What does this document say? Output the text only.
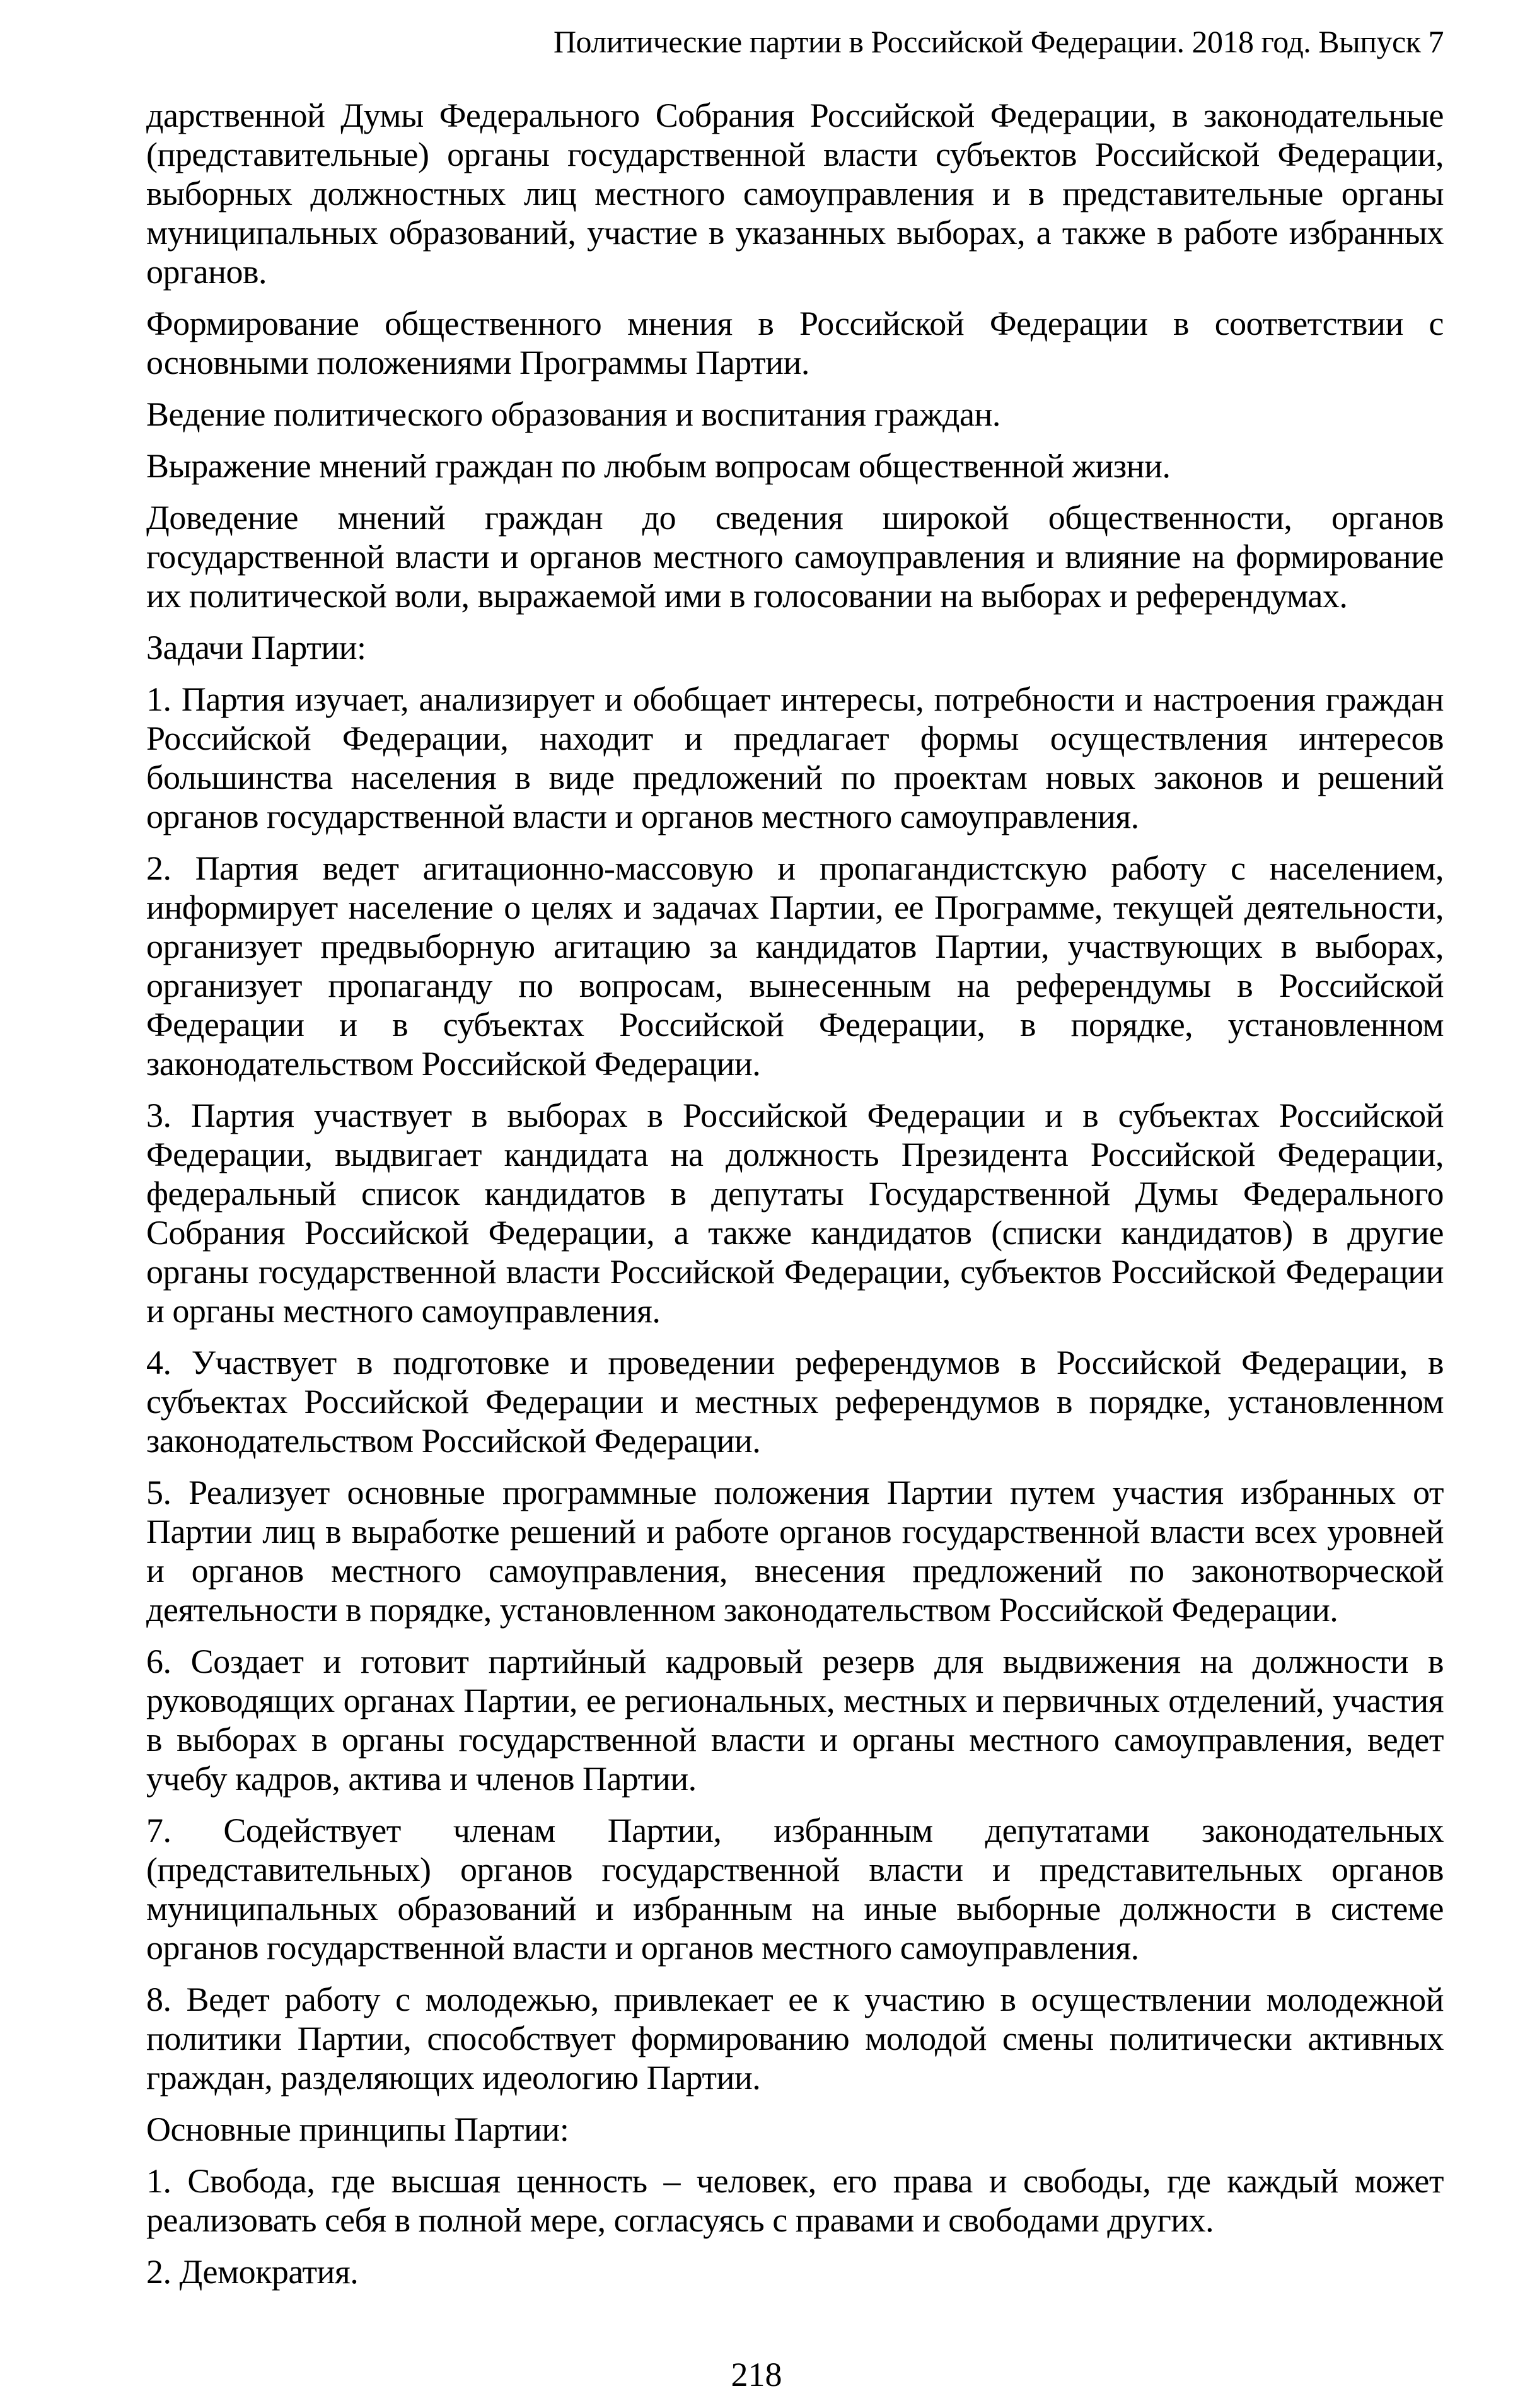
Политические партии в Российской Федерации. 2018 год. Выпуск 7

дарственной Думы Федерального Собрания Российской Федерации, в законодательные (представительные) органы государственной власти субъектов Российской Федерации, выборных должностных лиц местного самоуправления и в представительные органы муниципальных образований, участие в указанных выборах, а также в работе избранных органов.

Формирование общественного мнения в Российской Федерации в соответствии с основными положениями Программы Партии.

Ведение политического образования и воспитания граждан.

Выражение мнений граждан по любым вопросам общественной жизни.

Доведение мнений граждан до сведения широкой общественности, органов государственной власти и органов местного самоуправления и влияние на формирование их политической воли, выражаемой ими в голосовании на выборах и референдумах.

Задачи Партии:

1. Партия изучает, анализирует и обобщает интересы, потребности и настроения граждан Российской Федерации, находит и предлагает формы осуществления интересов большинства населения в виде предложений по проектам новых законов и решений органов государственной власти и органов местного самоуправления.

2. Партия ведет агитационно-массовую и пропагандистскую работу с населением, информирует население о целях и задачах Партии, ее Программе, текущей деятельности, организует предвыборную агитацию за кандидатов Партии, участвующих в выборах, организует пропаганду по вопросам, вынесенным на референдумы в Российской Федерации и в субъектах Российской Федерации, в порядке, установленном законодательством Российской Федерации.

3. Партия участвует в выборах в Российской Федерации и в субъектах Российской Федерации, выдвигает кандидата на должность Президента Российской Федерации, федеральный список кандидатов в депутаты Государственной Думы Федерального Собрания Российской Федерации, а также кандидатов (списки кандидатов) в другие органы государственной власти Российской Федерации, субъектов Российской Федерации и органы местного самоуправления.

4. Участвует в подготовке и проведении референдумов в Российской Федерации, в субъектах Российской Федерации и местных референдумов в порядке, установленном законодательством Российской Федерации.

5. Реализует основные программные положения Партии путем участия избранных от Партии лиц в выработке решений и работе органов государственной власти всех уровней и органов местного самоуправления, внесения предложений по законотворческой деятельности в порядке, установленном законодательством Российской Федерации.

6. Создает и готовит партийный кадровый резерв для выдвижения на должности в руководящих органах Партии, ее региональных, местных и первичных отделений, участия в выборах в органы государственной власти и органы местного самоуправления, ведет учебу кадров, актива и членов Партии.

7. Содействует членам Партии, избранным депутатами законодательных (представительных) органов государственной власти и представительных органов муниципальных образований и избранным на иные выборные должности в системе органов государственной власти и органов местного самоуправления.

8. Ведет работу с молодежью, привлекает ее к участию в осуществлении молодежной политики Партии, способствует формированию молодой смены политически активных граждан, разделяющих идеологию Партии.

Основные принципы Партии:

1. Свобода, где высшая ценность – человек, его права и свободы, где каждый может реализовать себя в полной мере, согласуясь с правами и свободами других.

2. Демократия.

218
